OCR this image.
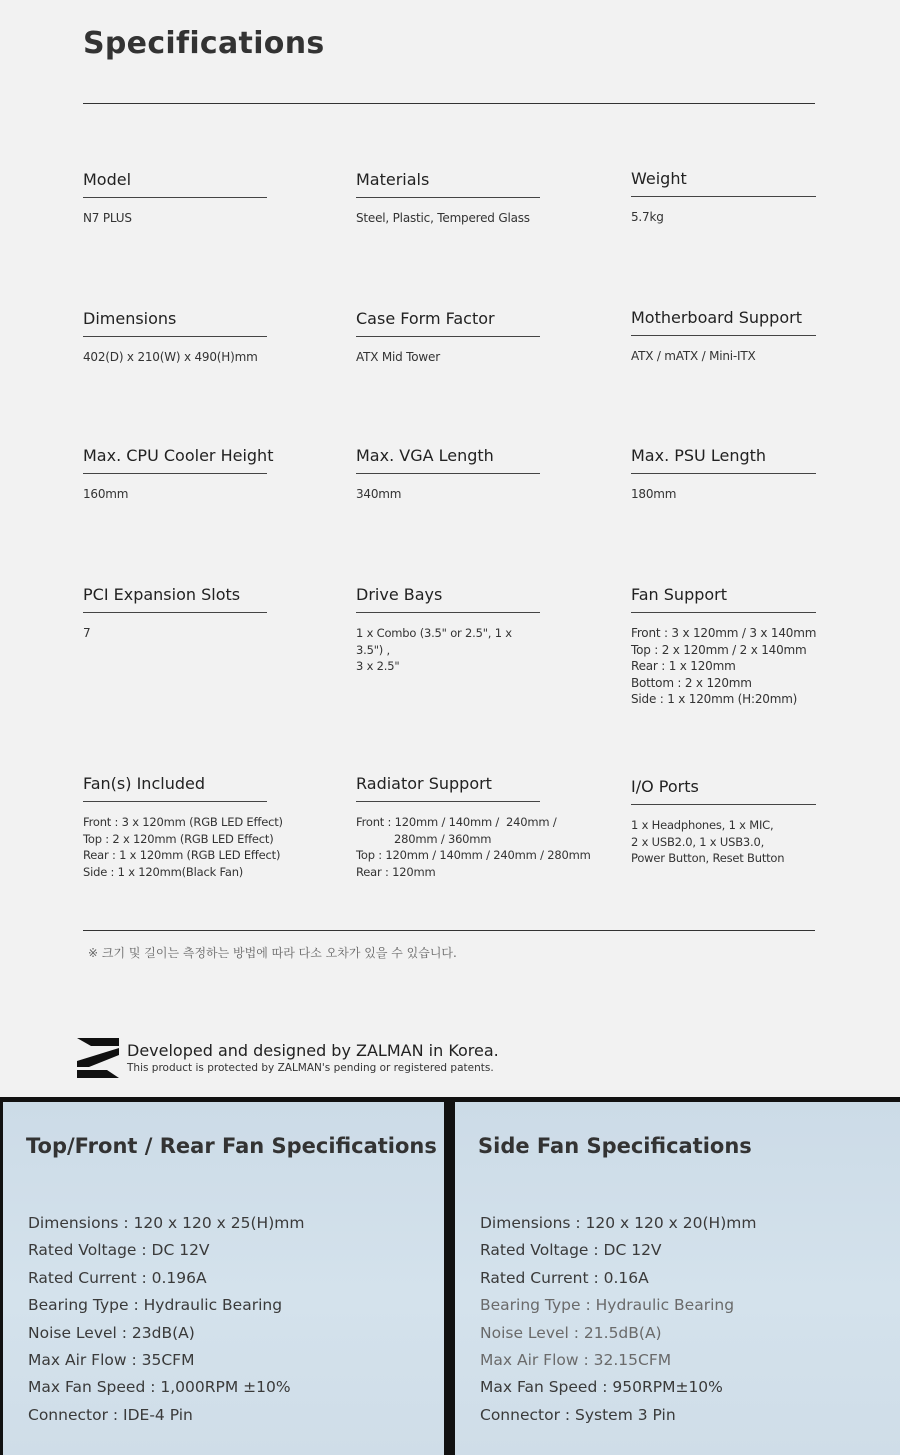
Specifications
Model
N7 PLUS
Materials
Steel, Plastic, Tempered Glass
Weight
5.7kg
Dimensions
402(D) x 210(W) x 490(H)mm
Case Form Factor
ATX Mid Tower
Motherboard Support
ATX / mATX / Mini-ITX
Max. CPU Cooler Height
160mm
Max. VGA Length
340mm
Max. PSU Length
180mm
PCI Expansion Slots
7
Drive Bays
1 x Combo (3.5" or 2.5", 1 x 3.5") ,
3 x 2.5"
Fan Support
Front : 3 x 120mm / 3 x 140mm
Top : 2 x 120mm / 2 x 140mm
Rear : 1 x 120mm
Bottom : 2 x 120mm
Side : 1 x 120mm (H:20mm)
Fan(s) Included
Front : 3 x 120mm (RGB LED Effect)
Top : 2 x 120mm (RGB LED Effect)
Rear : 1 x 120mm (RGB LED Effect)
Side : 1 x 120mm(Black Fan)
Radiator Support
Front : 120mm / 140mm /  240mm /
280mm / 360mm
Top : 120mm / 140mm / 240mm / 280mm
Rear : 120mm
I/O Ports
1 x Headphones, 1 x MIC,
2 x USB2.0, 1 x USB3.0,
Power Button, Reset Button
※ 크기 및 길이는 측정하는 방법에 따라 다소 오차가 있을 수 있습니다.
Developed and designed by ZALMAN in Korea.
This product is protected by ZALMAN's pending or registered patents.
Top/Front / Rear Fan Specifications
Dimensions : 120 x 120 x 25(H)mm
Rated Voltage : DC 12V
Rated Current : 0.196A
Bearing Type : Hydraulic Bearing
Noise Level : 23dB(A)
Max Air Flow : 35CFM
Max Fan Speed : 1,000RPM ±10%
Connector : IDE-4 Pin
Side Fan Specifications
Dimensions : 120 x 120 x 20(H)mm
Rated Voltage : DC 12V
Rated Current : 0.16A
Bearing Type : Hydraulic Bearing
Noise Level : 21.5dB(A)
Max Air Flow : 32.15CFM
Max Fan Speed : 950RPM±10%
Connector : System 3 Pin
